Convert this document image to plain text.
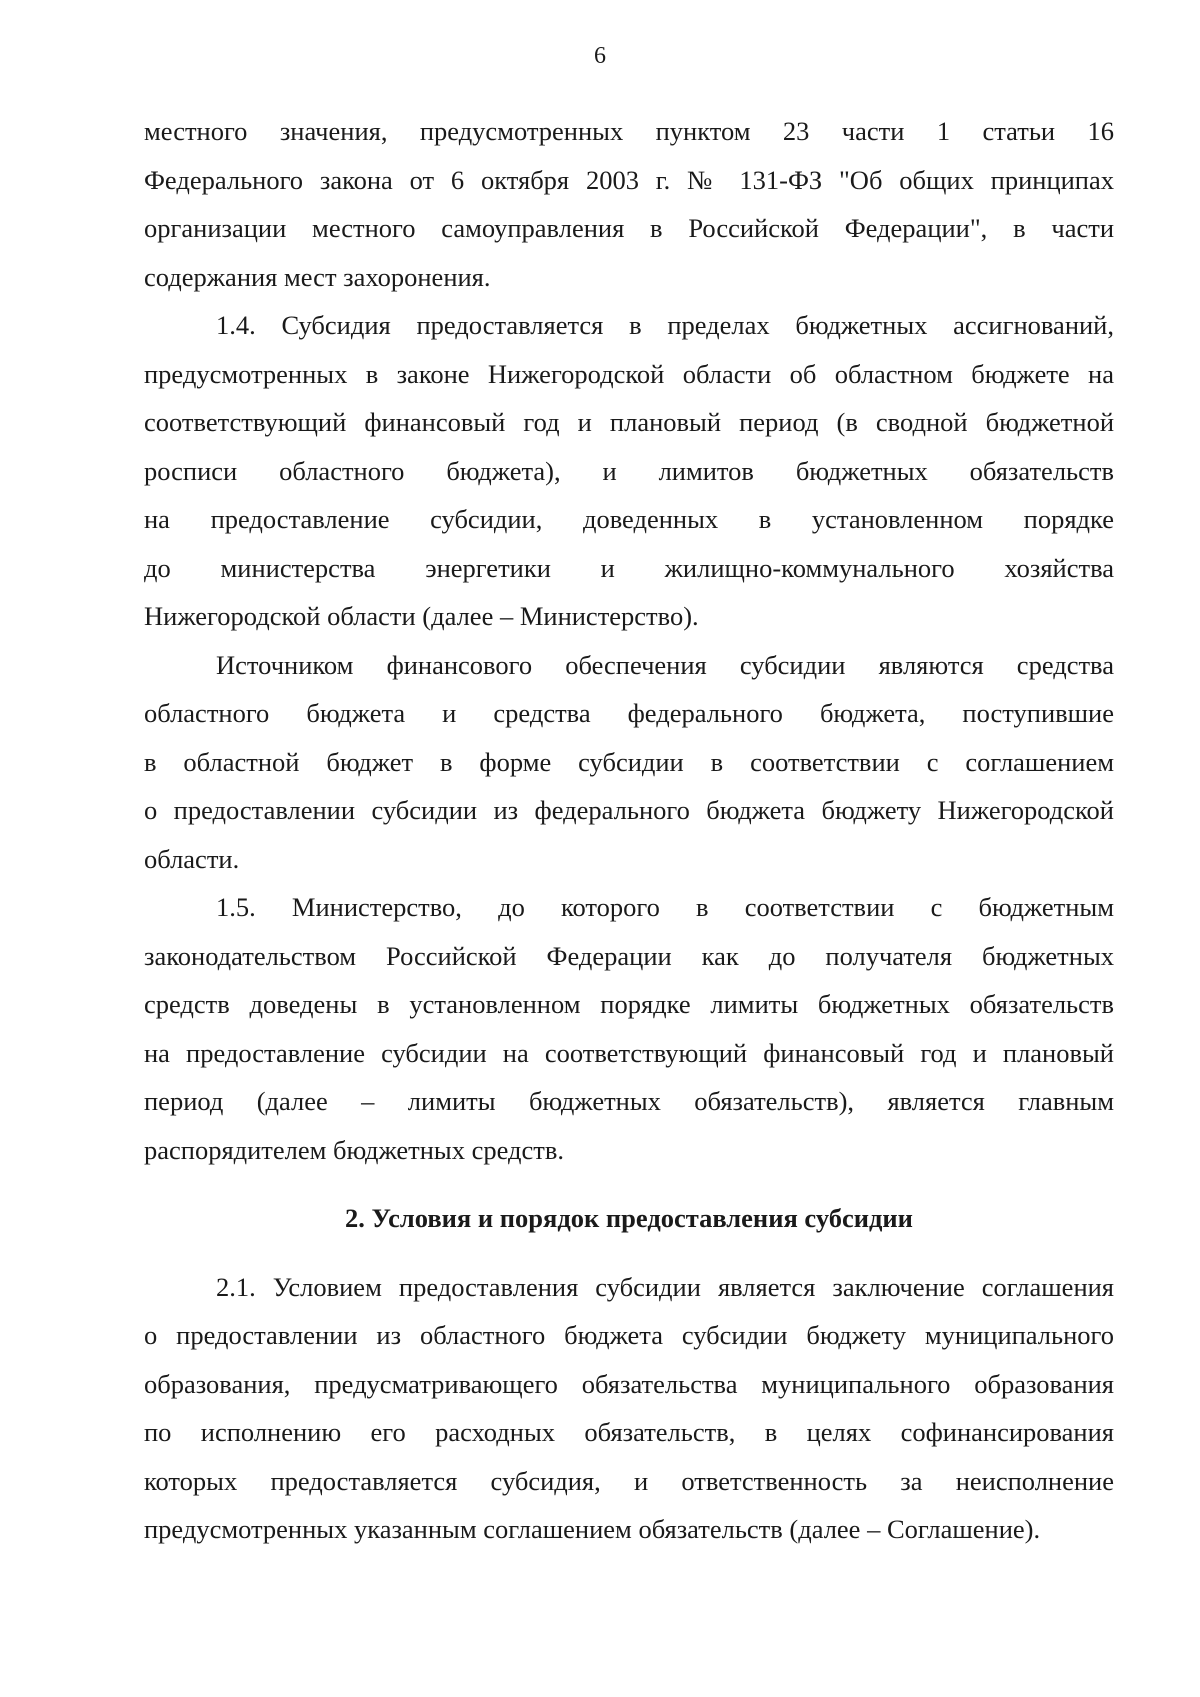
6

местного значения, предусмотренных пунктом 23 части 1 статьи 16
Федерального закона от 6 октября 2003 г. № 131-ФЗ "Об общих принципах
организации местного самоуправления в Российской Федерации", в части
содержания мест захоронения.

1.4. Субсидия предоставляется в пределах бюджетных ассигнований,
предусмотренных в законе Нижегородской области об областном бюджете на
соответствующий финансовый год и плановый период (в сводной бюджетной
росписи областного бюджета), и лимитов бюджетных обязательств
на предоставление субсидии, доведенных в установленном порядке
до министерства энергетики и жилищно-коммунального хозяйства
Нижегородской области (далее – Министерство).

Источником финансового обеспечения субсидии являются средства
областного бюджета и средства федерального бюджета, поступившие
в областной бюджет в форме субсидии в соответствии с соглашением
о предоставлении субсидии из федерального бюджета бюджету Нижегородской
области.

1.5. Министерство, до которого в соответствии с бюджетным
законодательством Российской Федерации как до получателя бюджетных
средств доведены в установленном порядке лимиты бюджетных обязательств
на предоставление субсидии на соответствующий финансовый год и плановый
период (далее – лимиты бюджетных обязательств), является главным
распорядителем бюджетных средств.

2. Условия и порядок предоставления субсидии

2.1. Условием предоставления субсидии является заключение соглашения
о предоставлении из областного бюджета субсидии бюджету муниципального
образования, предусматривающего обязательства муниципального образования
по исполнению его расходных обязательств, в целях софинансирования
которых предоставляется субсидия, и ответственность за неисполнение
предусмотренных указанным соглашением обязательств (далее – Соглашение).
